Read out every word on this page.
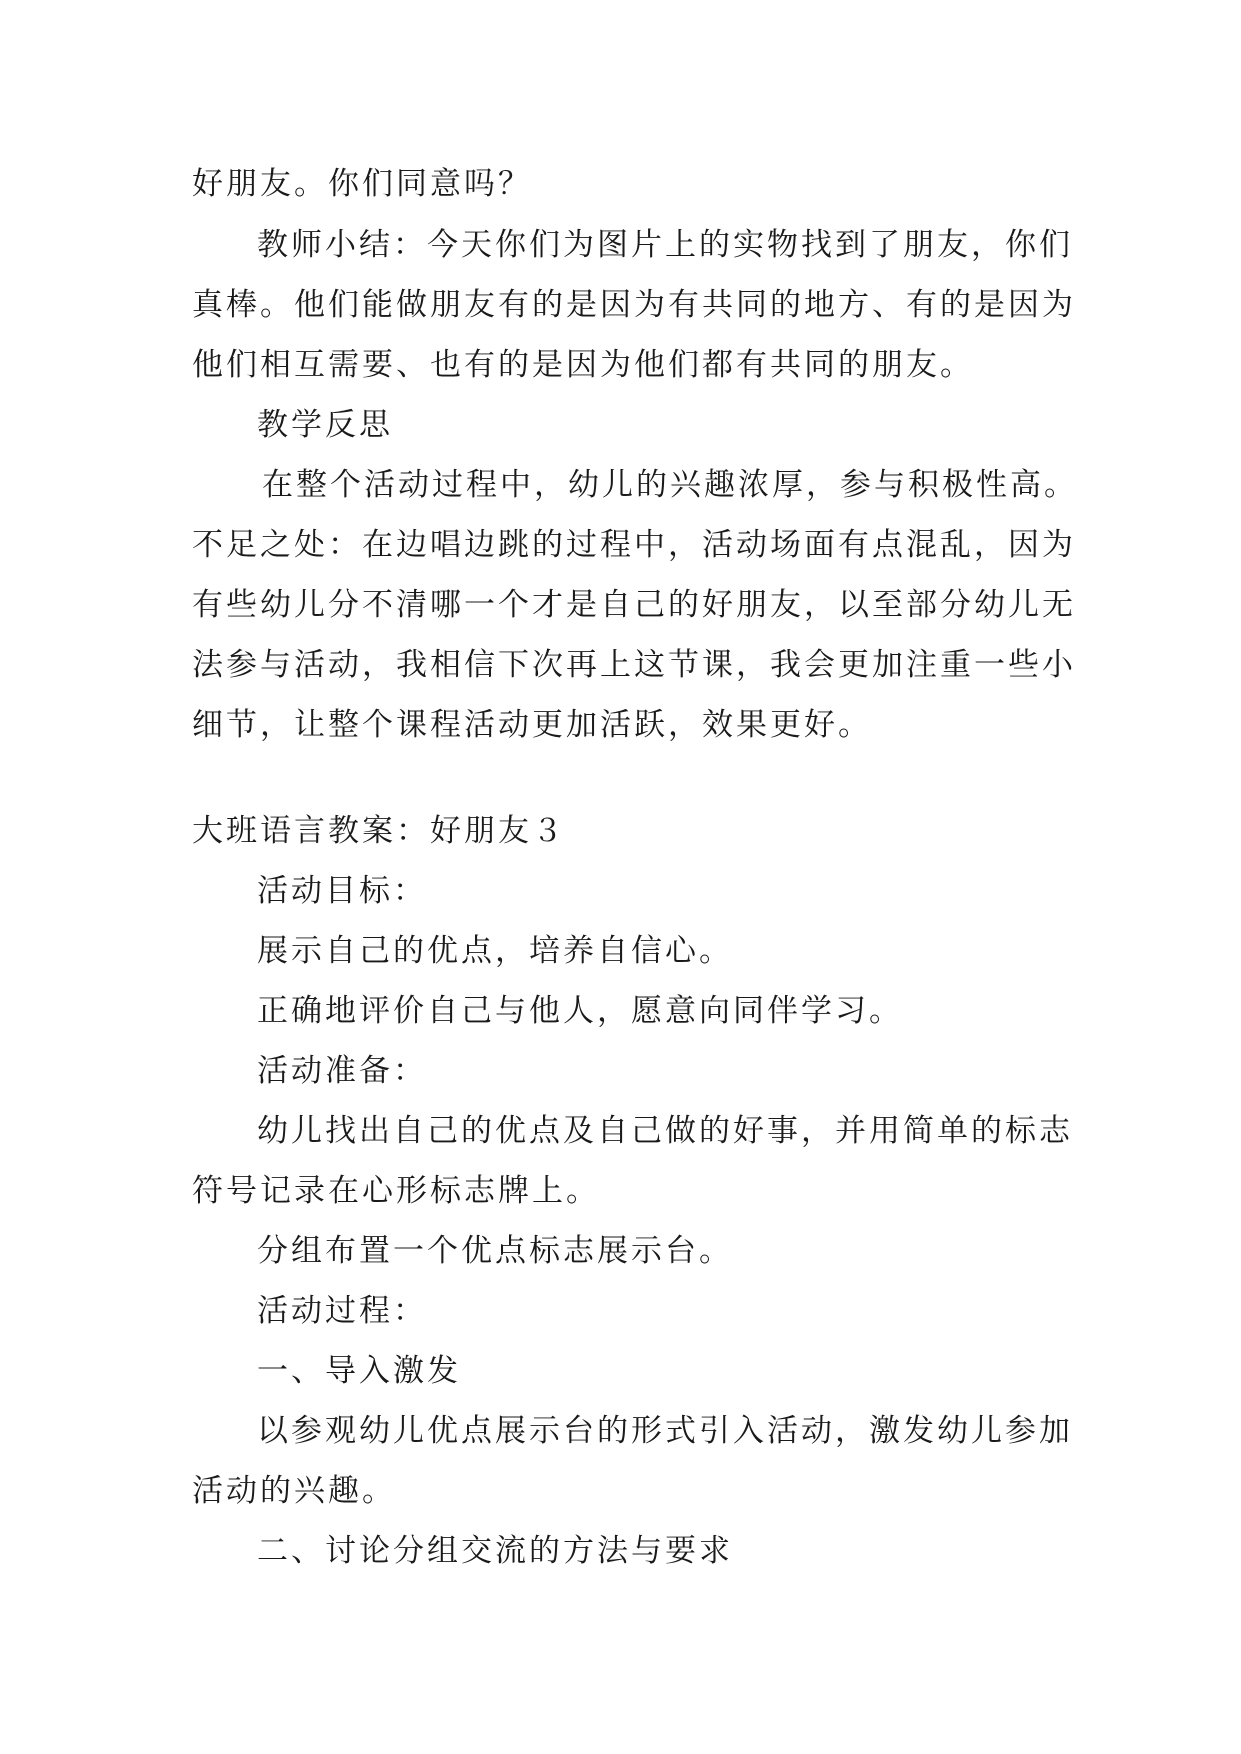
好朋友。你们同意吗？
教师小结：今天你们为图片上的实物找到了朋友，你们
真棒。他们能做朋友有的是因为有共同的地方、有的是因为
他们相互需要、也有的是因为他们都有共同的朋友。
教学反思
在整个活动过程中，幼儿的兴趣浓厚，参与积极性高。
不足之处：在边唱边跳的过程中，活动场面有点混乱，因为
有些幼儿分不清哪一个才是自己的好朋友，以至部分幼儿无
法参与活动，我相信下次再上这节课，我会更加注重一些小
细节，让整个课程活动更加活跃，效果更好。
大班语言教案：好朋友３
活动目标：
展示自己的优点，培养自信心。
正确地评价自己与他人，愿意向同伴学习。
活动准备：
幼儿找出自己的优点及自己做的好事，并用简单的标志
符号记录在心形标志牌上。
分组布置一个优点标志展示台。
活动过程：
一、导入激发
以参观幼儿优点展示台的形式引入活动，激发幼儿参加
活动的兴趣。
二、讨论分组交流的方法与要求
